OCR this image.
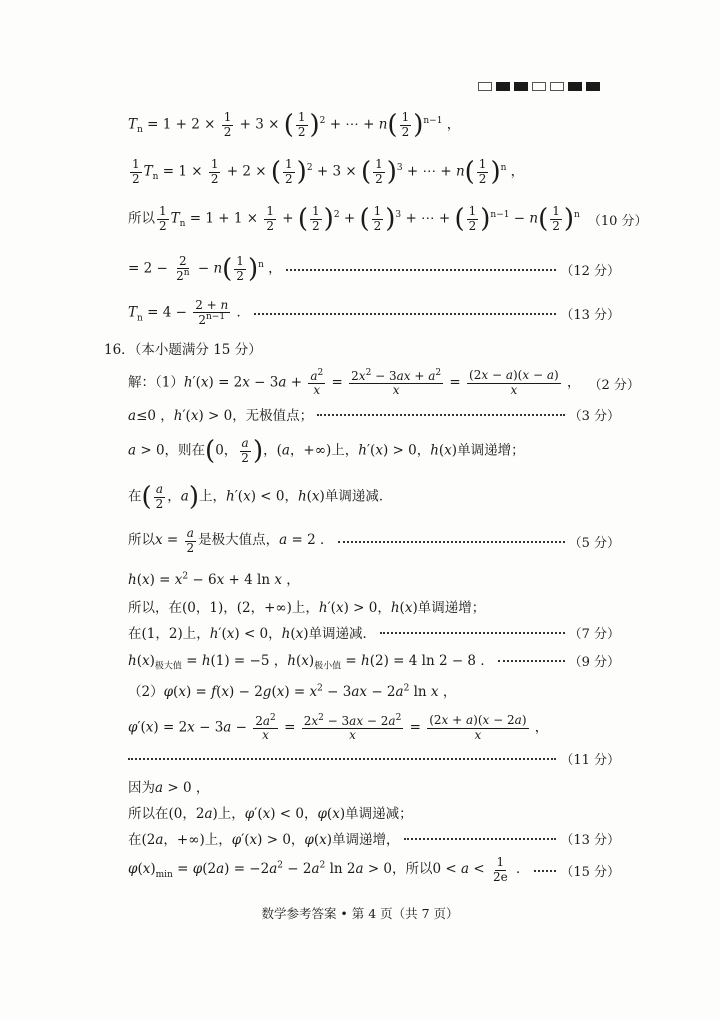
$T_n = 1 + 2 \times \frac{1}{2} + 3$ × ( $\frac{1}{2} )^2$ + ⋯ + $n( \frac{1}{2} )^{n-1}$ ，
$\frac{1}{2} T_n = 1 \times \frac{1}{2} + 2$ × ( $\frac{1}{2} )^2 + 3$ × ( $\frac{1}{2} )^3$ + ⋯ + $n( \frac{1}{2} )^n$ ，
所以 $\frac{1}{2} T_n = 1 + 1 \times \frac{1}{2}$ + ( $\frac{1}{2} )^2$ + ( $\frac{1}{2} )^3$ + ⋯ + ( $\frac{1}{2} )^{n-1} - n( \frac{1}{2} )^n$ （10 分）
= $2 - \frac{2}{2^n} - n( \frac{1}{2} )^n$ ，	（12 分）
$T_n = 4 - \frac{2 + n}{2^{n-1}}$ ．	（13 分）
16．（本小题满分 15 分）
解：$(1)h'(x) = 2x - 3a + \frac{a^2}{x} = \frac{2x^2 - 3ax + a^2}{x} = \frac{(2x - a)(x - a)}{x}$ ， （2 分）
a≤0 ，h′(x) > 0，无极值点；	（3 分）
a > 0，则在(0， $\frac{a}{2}$ )，(a，+∞)上，h′(x) > 0，h(x)单调递增；
在( $\frac{a}{2}$ ，a)上，h′(x) < 0，h(x)单调递减．
所以$x = \frac{a}{2}$ 是极大值点，a = 2 ．	（5 分）
$h(x) = x^2 - 6x + 4$ ln x ，
所以，在(0，1)，(2，+∞)上，h′(x) > 0，h(x)单调递增；
在(1，2)上，h′(x) < 0，h(x)单调递减．	（7 分）
$h(x)_{极大值} = h(1) = -5$ ，$h(x)_{极小值} = h(2) = 4$ ln 2 − 8 ．	（9 分）
$(2)\varphi(x) = f(x) - 2g(x) = x^2 - 3ax - 2a^2$ ln x ，
$\varphi'(x) = 2x - 3a - \frac{2a^2}{x} = \frac{2x^2 - 3ax - 2a^2}{x} = \frac{(2x + a)(x - 2a)}{x}$ ，
（11 分）
因为a > 0 ，
所以在(0，2a)上，φ′(x) < 0，φ(x)单调递减；
在(2a，+∞)上，φ′(x) > 0，φ(x)单调递增，	（13 分）
$\varphi(x)_{min} = \varphi(2a) = -2a^2 - 2a^2$ ln 2a > 0，所以$0 < a < \frac{1}{2e}$ ． （15 分）
数学参考答案 • 第 4 页（共 7 页）
